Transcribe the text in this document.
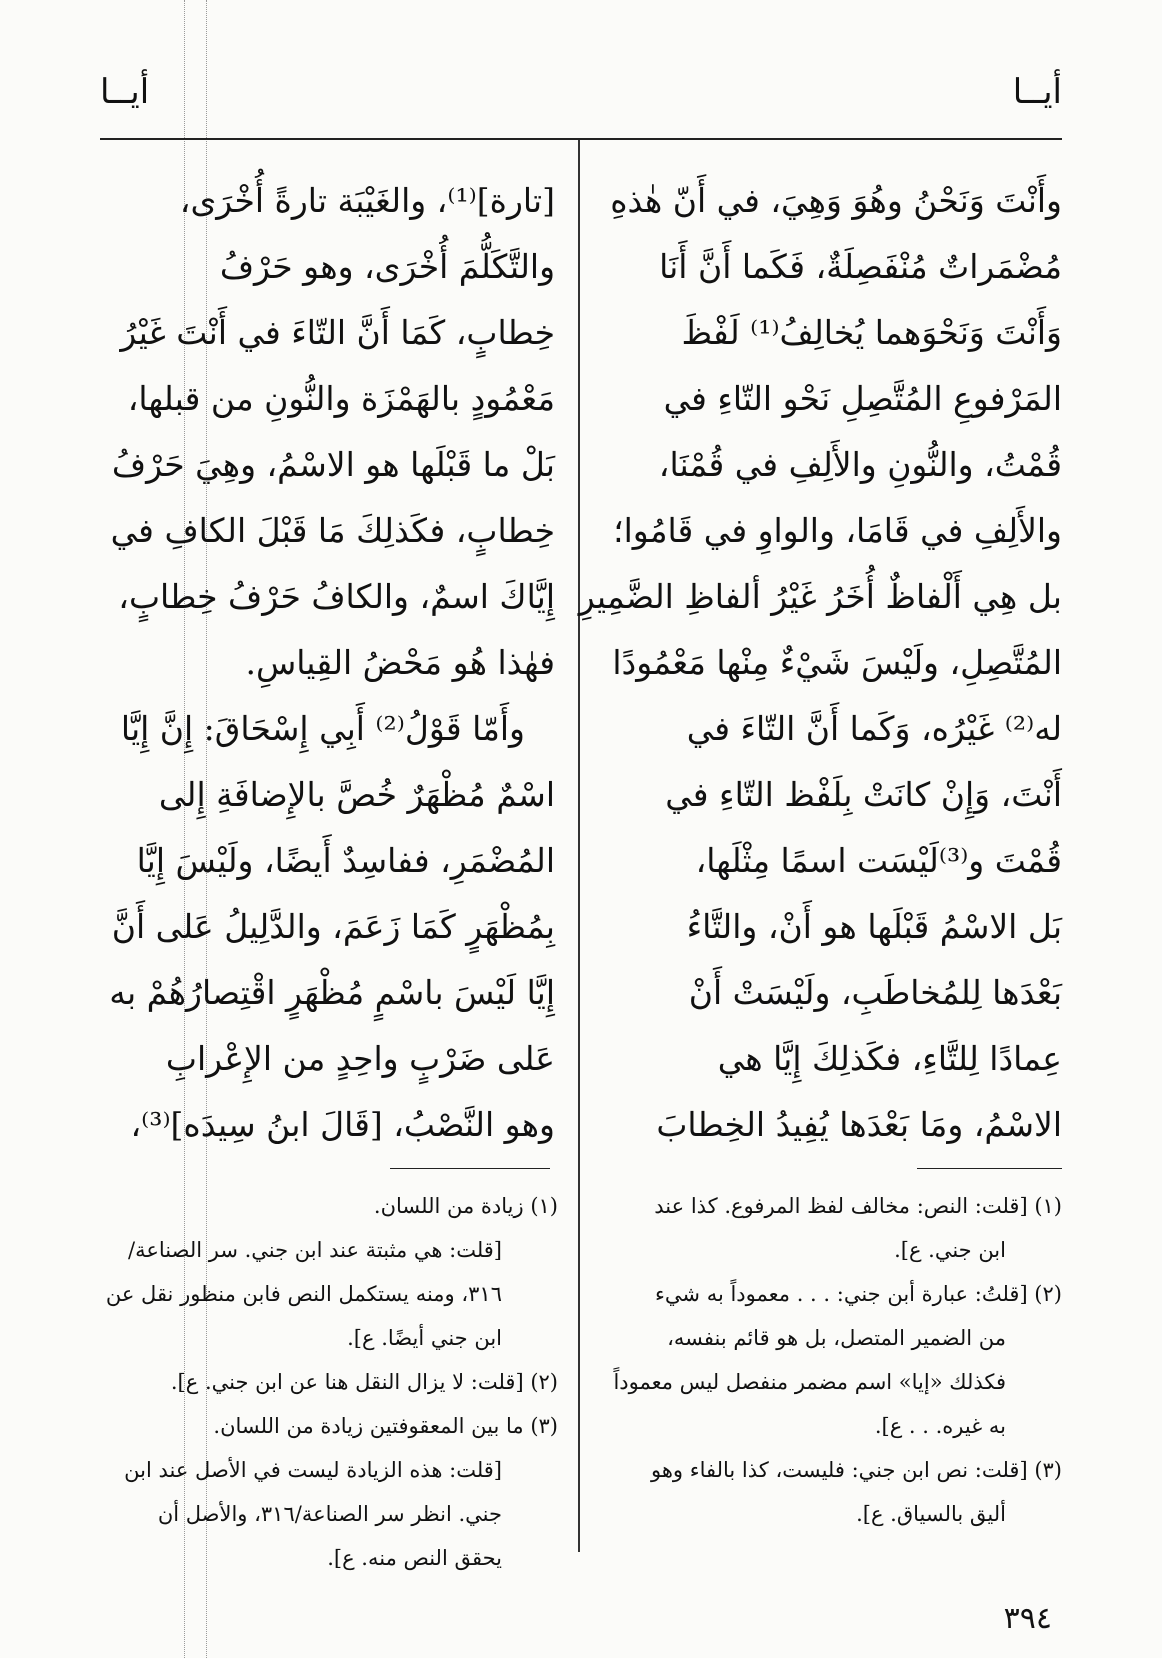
أيــا
أيــا
وأَنْتَ وَنَحْنُ وهُوَ وَهِيَ، في أَنّ هٰذهِ
مُضْمَراتٌ مُنْفَصِلَةٌ، فَكَما أَنَّ أَنَا
وَأَنْتَ وَنَحْوَهما يُخالِفُ⁽¹⁾ لَفْظَ
المَرْفوعِ المُتَّصِلِ نَحْو التّاءِ في
قُمْتُ، والنُّونِ والأَلِفِ في قُمْنَا،
والأَلِفِ في قَامَا، والواوِ في قَامُوا؛
بل هِي أَلْفاظٌ أُخَرُ غَيْرُ ألفاظِ الضَّمِيرِ
المُتَّصِلِ، ولَيْسَ شَيْءٌ مِنْها مَعْمُودًا
له⁽²⁾ غَيْرُه، وَكَما أَنَّ التّاءَ في
أَنْتَ، وَإِنْ كانَتْ بِلَفْظ التّاءِ في
قُمْتَ و⁽³⁾لَيْسَت اسمًا مِثْلَها،
بَل الاسْمُ قَبْلَها هو أَنْ، والتَّاءُ
بَعْدَها لِلمُخاطَبِ، ولَيْسَتْ أَنْ
عِمادًا لِلتَّاءِ، فكَذلِكَ إِيَّا هي
الاسْمُ، ومَا بَعْدَها يُفِيدُ الخِطابَ
[تارة]⁽¹⁾، والغَيْبَة تارةً أُخْرَى،
والتَّكَلُّمَ أُخْرَى، وهو حَرْفُ
خِطابٍ، كَمَا أَنَّ التّاءَ في أَنْتَ غَيْرُ
مَعْمُودٍ بالهَمْزَة والنُّونِ من قبلها،
بَلْ ما قَبْلَها هو الاسْمُ، وهِيَ حَرْفُ
خِطابٍ، فكَذلِكَ مَا قَبْلَ الكافِ في
إِيَّاكَ اسمٌ، والكافُ حَرْفُ خِطابٍ،
فهٰذا هُو مَحْضُ القِياسِ.
وأَمّا قَوْلُ⁽²⁾ أَبِي إِسْحَاقَ: إِنَّ إِيَّا
اسْمٌ مُظْهَرٌ خُصَّ بالإِضافَةِ إِلى
المُضْمَرِ، ففاسِدٌ أَيضًا، ولَيْسَ إِيَّا
بِمُظْهَرٍ كَمَا زَعَمَ، والدَّلِيلُ عَلى أَنَّ
إِيَّا لَيْسَ باسْمٍ مُظْهَرٍ اقْتِصارُهُمْ به
عَلى ضَرْبٍ واحِدٍ من الإِعْرابِ
وهو النَّصْبُ، [قَالَ ابنُ سِيدَه]⁽³⁾،
(١) [قلت: النص: مخالف لفظ المرفوع. كذا عند
ابن جني. ع].
(٢) [قلتُ: عبارة أبن جني: . . . معموداً به شيء
من الضمير المتصل، بل هو قائم بنفسه،
فكذلك «إيا» اسم مضمر منفصل ليس معموداً
به غيره. . . ع].
(٣) [قلت: نص ابن جني: فليست، كذا بالفاء وهو
أليق بالسياق. ع].
(١) زيادة من اللسان.
[قلت: هي مثبتة عند ابن جني. سر الصناعة/
٣١٦، ومنه يستكمل النص فابن منظور نقل عن
ابن جني أيضًا. ع].
(٢) [قلت: لا يزال النقل هنا عن ابن جني. ع].
(٣) ما بين المعقوفتين زيادة من اللسان.
[قلت: هذه الزيادة ليست في الأصل عند ابن
جني. انظر سر الصناعة/٣١٦، والأصل أن
يحقق النص منه. ع].
٣٩٤
